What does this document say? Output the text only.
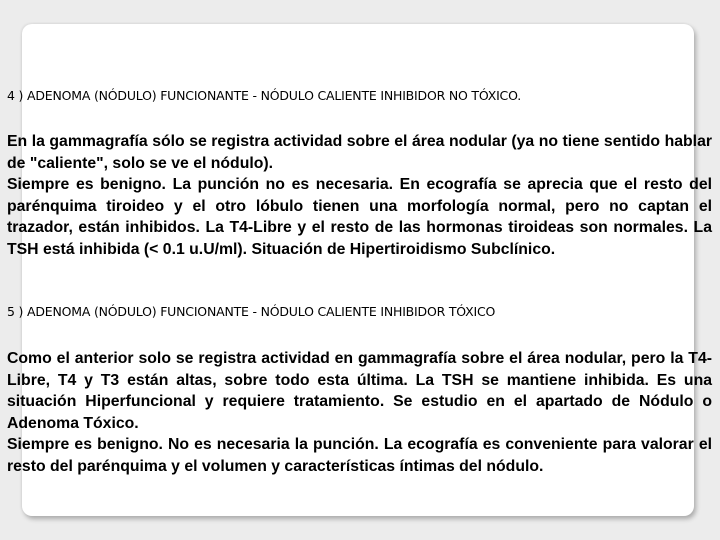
4 ) ADENOMA (NÓDULO) FUNCIONANTE - NÓDULO CALIENTE INHIBIDOR NO TÓXICO.

En la gammagrafía sólo se registra actividad sobre el área nodular (ya no tiene sentido hablar de "caliente", solo se ve el nódulo).

Siempre es benigno. La punción no es necesaria. En ecografía se aprecia que el resto del parénquima tiroideo y el otro lóbulo tienen una morfología normal, pero no captan el trazador, están inhibidos. La T4-Libre y el resto de las hormonas tiroideas son normales. La TSH está inhibida (< 0.1 u.U/ml). Situación de Hipertiroidismo Subclínico.

5 ) ADENOMA (NÓDULO) FUNCIONANTE - NÓDULO CALIENTE INHIBIDOR TÓXICO

Como el anterior solo se registra actividad en gammagrafía sobre el área nodular, pero la T4-Libre, T4 y T3 están altas, sobre todo esta última. La TSH se mantiene inhibida. Es una situación Hiperfuncional y requiere tratamiento. Se estudio en el apartado de Nódulo o Adenoma Tóxico.

Siempre es benigno. No es necesaria la punción. La ecografía es conveniente para valorar el resto del parénquima y el volumen y características íntimas del nódulo.
